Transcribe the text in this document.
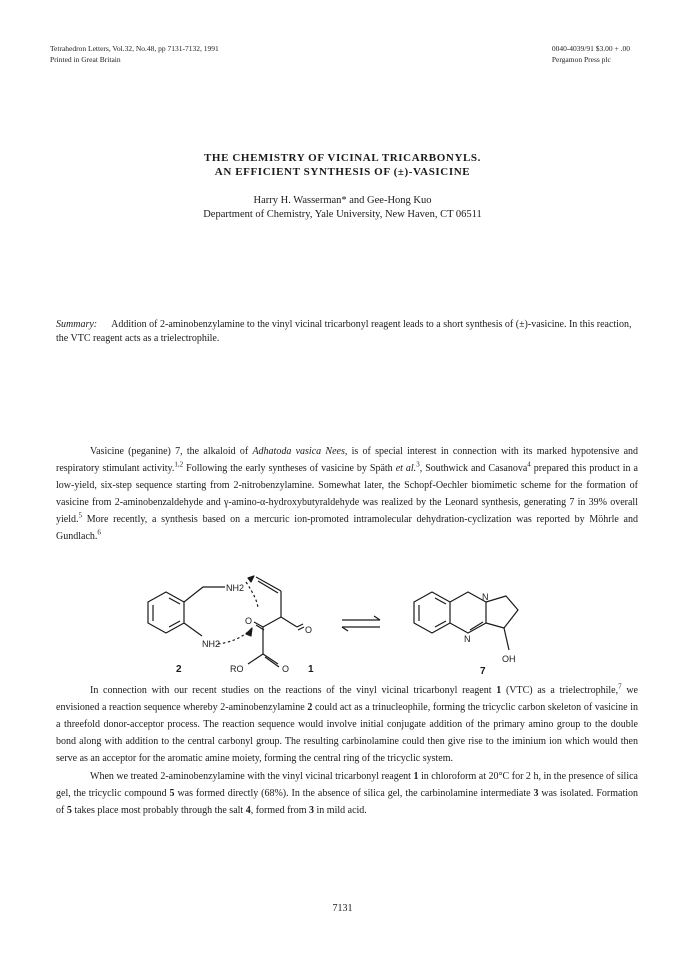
Tetrahedron Letters, Vol.32, No.48, pp 7131-7132, 1991
Printed in Great Britain
0040-4039/91 $3.00 + .00
Pergamon Press plc
THE CHEMISTRY OF VICINAL TRICARBONYLS.
AN EFFICIENT SYNTHESIS OF (±)-VASICINE
Harry H. Wasserman* and Gee-Hong Kuo
Department of Chemistry, Yale University, New Haven, CT 06511
Summary: Addition of 2-aminobenzylamine to the vinyl vicinal tricarbonyl reagent leads to a short synthesis of (±)-vasicine. In this reaction, the VTC reagent acts as a trielectrophile.
Vasicine (peganine) 7, the alkaloid of Adhatoda vasica Nees, is of special interest in connection with its marked hypotensive and respiratory stimulant activity.$^{1,2}$ Following the early syntheses of vasicine by Späth et al.$^3$, Southwick and Casanova$^4$ prepared this product in a low-yield, six-step sequence starting from 2-nitrobenzylamine. Somewhat later, the Schopf-Oechler biomimetic scheme for the formation of vasicine from 2-aminobenzaldehyde and γ-amino-α-hydroxybutyraldehyde was realized by the Leonard synthesis, generating 7 in 39% overall yield.$^5$ More recently, a synthesis based on a mercuric ion-promoted intramolecular dehydration-cyclization was reported by Möhrle and Gundlach.$^6$
NH2
NH2
O
O
O
RO
N
N
OH
2	1	7
In connection with our recent studies on the reactions of the vinyl vicinal tricarbonyl reagent 1 (VTC) as a trielectrophile,$^7$ we envisioned a reaction sequence whereby 2-aminobenzylamine 2 could act as a trinucleophile, forming the tricyclic carbon skeleton of vasicine in a threefold donor-acceptor process. The reaction sequence would involve initial conjugate addition of the primary amino group to the double bond along with addition to the central carbonyl group. The resulting carbinolamine could then give rise to the iminium ion which would then serve as an acceptor for the aromatic amine moiety, forming the central ring of the tricyclic system.
When we treated 2-aminobenzylamine with the vinyl vicinal tricarbonyl reagent 1 in chloroform at 20°C for 2 h, in the presence of silica gel, the tricyclic compound 5 was formed directly (68%). In the absence of silica gel, the carbinolamine intermediate 3 was isolated. Formation of 5 takes place most probably through the salt 4, formed from 3 in mild acid.
7131
